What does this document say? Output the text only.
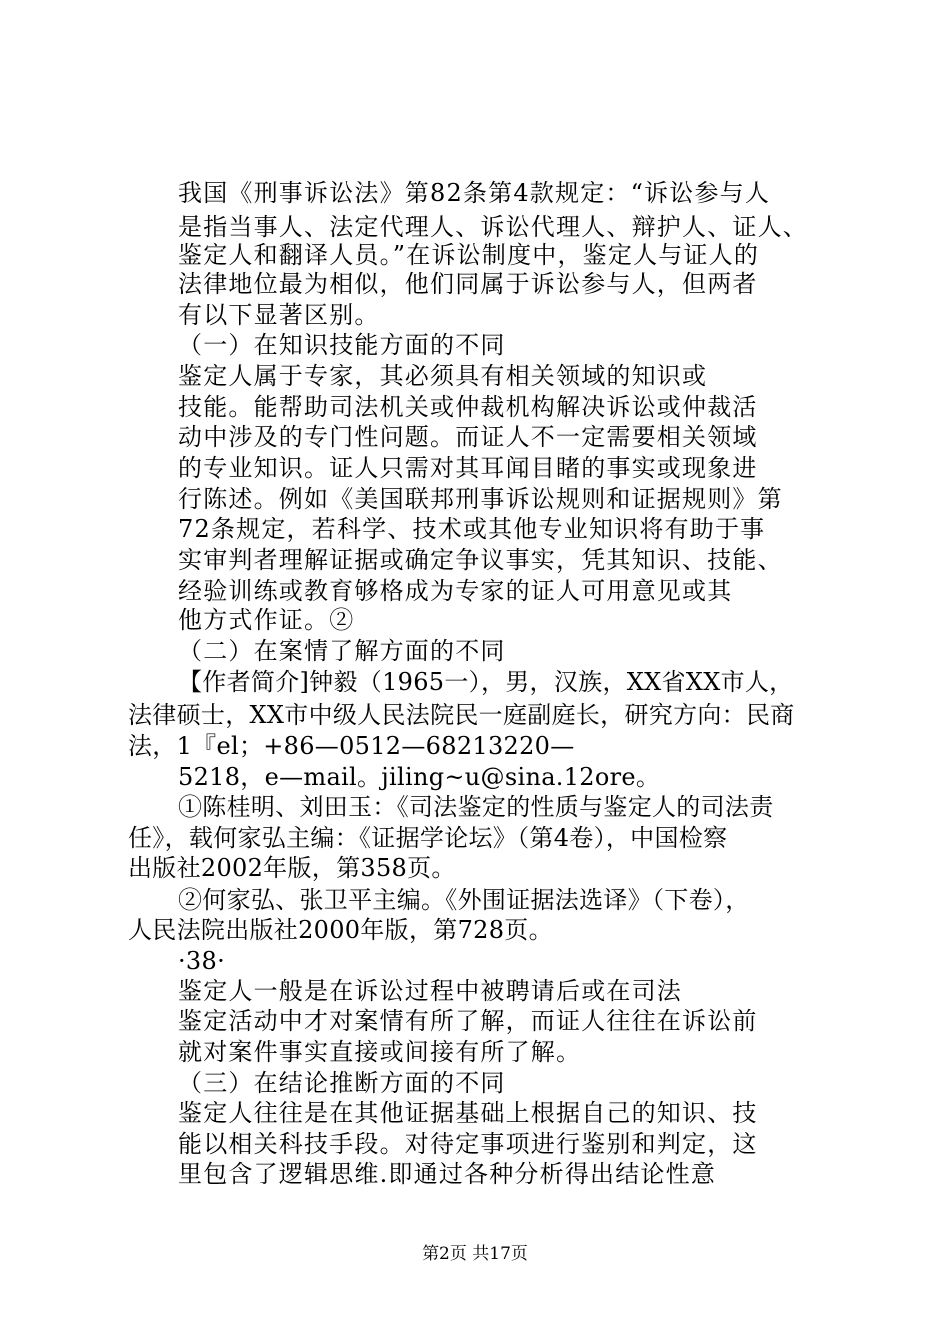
我国《刑事诉讼法》第82条第4款规定：“诉讼参与人
是指当事人、法定代理人、诉讼代理人、辩护人、证人、
鉴定人和翻译人员。”在诉讼制度中，鉴定人与证人的
法律地位最为相似，他们同属于诉讼参与人，但两者
有以下显著区别。
（一）在知识技能方面的不同
鉴定人属于专家，其必须具有相关领域的知识或
技能。能帮助司法机关或仲裁机构解决诉讼或仲裁活
动中涉及的专门性问题。而证人不一定需要相关领域
的专业知识。证人只需对其耳闻目睹的事实或现象进
行陈述。例如《美国联邦刑事诉讼规则和证据规则》第
72条规定，若科学、技术或其他专业知识将有助于事
实审判者理解证据或确定争议事实，凭其知识、技能、
经验训练或教育够格成为专家的证人可用意见或其
他方式作证。②
（二）在案情了解方面的不同
【作者简介]钟毅（1965一），男，汉族，XX省XX市人，
法律硕士，XX市中级人民法院民一庭副庭长，研究方向：民商
法，1『el；+86—0512—68213220—
5218，e—mail。jiling~u@sina.12ore。
①陈桂明、刘田玉：《司法鉴定的性质与鉴定人的司法责
任》，载何家弘主编：《证据学论坛》（第4卷），中国检察
出版社2002年版，第358页。
②何家弘、张卫平主编。《外围证据法选译》（下卷），
人民法院出版社2000年版，第728页。
·38·
鉴定人一般是在诉讼过程中被聘请后或在司法
鉴定活动中才对案情有所了解，而证人往往在诉讼前
就对案件事实直接或间接有所了解。
（三）在结论推断方面的不同
鉴定人往往是在其他证据基础上根据自己的知识、技
能以相关科技手段。对待定事项进行鉴别和判定，这
里包含了逻辑思维.即通过各种分析得出结论性意
第2页 共17页
